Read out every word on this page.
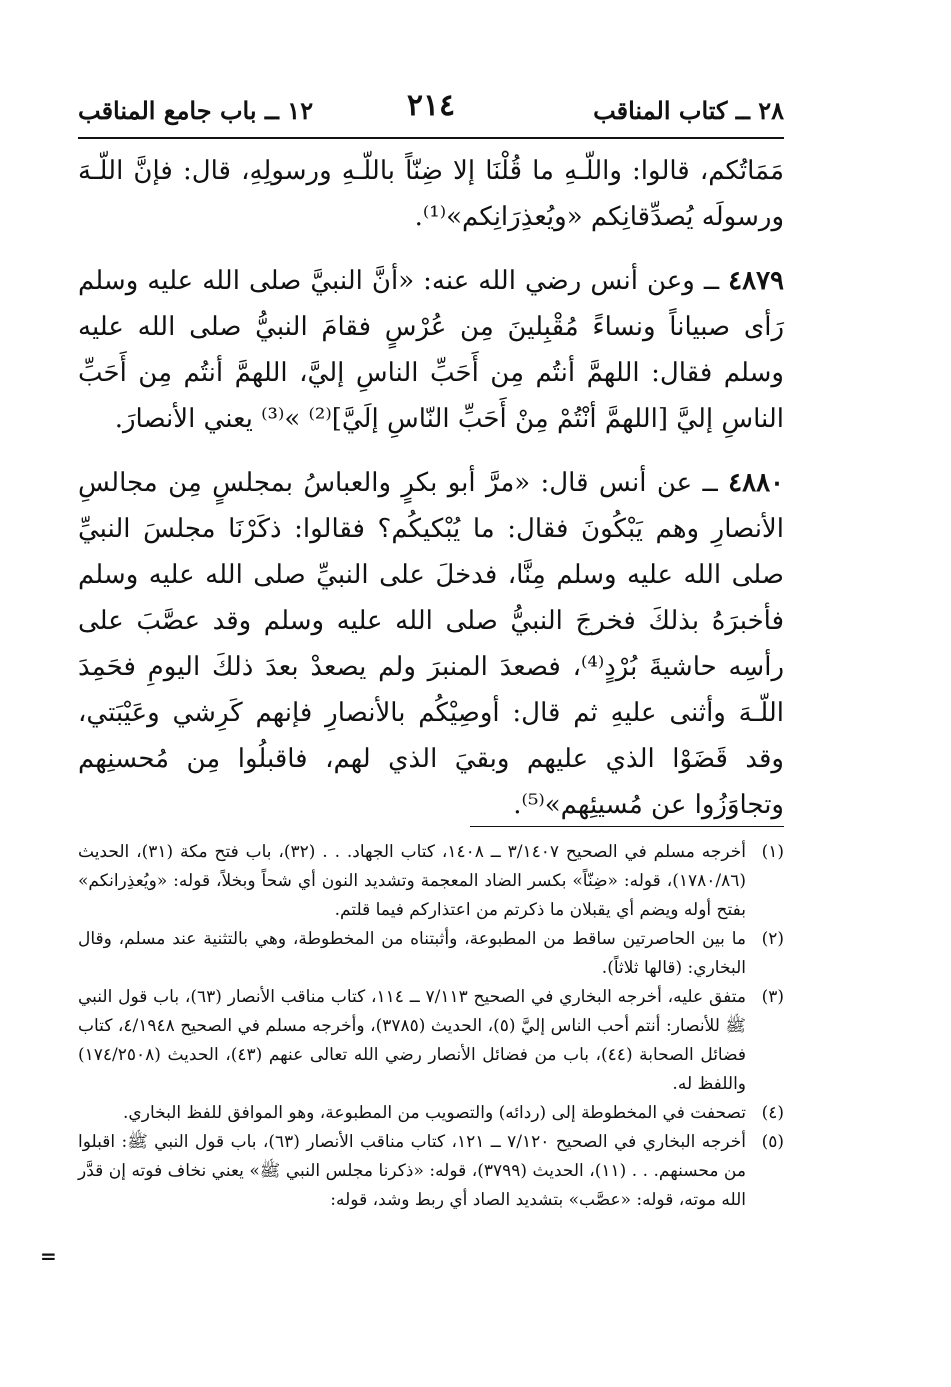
٢٨ ــ كتاب المناقب
٢١٤
١٢ ــ باب جامع المناقب

مَمَاتُكم، قالوا: واللّـهِ ما قُلْنَا إلا ضِنّاً باللّـهِ ورسولِهِ، قال: فإنَّ اللّـهَ ورسولَه يُصدِّقانِكم «ويُعذِرَانِكم»⁽¹⁾.

٤٨٧٩ ــ وعن أنس رضي الله عنه: «أنَّ النبيَّ صلى الله عليه وسلم رَأى صبياناً ونساءً مُقْبِلينَ مِن عُرْسٍ فقامَ النبيُّ صلى الله عليه وسلم فقال: اللهمَّ أنتُم مِن أَحَبِّ الناسِ إليَّ، اللهمَّ أنتُم مِن أَحَبِّ الناسِ إليَّ [اللهمَّ أنْتُمْ مِنْ أَحَبِّ النّاسِ إلَيَّ]⁽²⁾ »⁽³⁾ يعني الأنصارَ.

٤٨٨٠ ــ عن أنس قال: «مرَّ أبو بكرٍ والعباسُ بمجلسٍ مِن مجالسِ الأنصارِ وهم يَبْكُونَ فقال: ما يُبْكيكُم؟ فقالوا: ذكَرْنَا مجلسَ النبيِّ صلى الله عليه وسلم مِنَّا، فدخلَ على النبيِّ صلى الله عليه وسلم فأخبرَهُ بذلكَ فخرجَ النبيُّ صلى الله عليه وسلم وقد عصَّبَ على رأسِه حاشيةَ بُرْدٍ⁽⁴⁾، فصعدَ المنبرَ ولم يصعدْ بعدَ ذلكَ اليومِ فحَمِدَ اللّـهَ وأثنى عليهِ ثم قال: أوصِيْكُم بالأنصارِ فإنهم كَرِشي وعَيْبَتي، وقد قَضَوْا الذي عليهم وبقيَ الذي لهم، فاقبلُوا مِن مُحسنِهم وتجاوَزُوا عن مُسيئِهم»⁽⁵⁾.

(١)
أخرجه مسلم في الصحيح ٣/١٤٠٧ ــ ١٤٠٨، كتاب الجهاد. . . (٣٢)، باب فتح مكة (٣١)، الحديث (١٧٨٠/٨٦)، قوله: «ضِنّاً» بكسر الضاد المعجمة وتشديد النون أي شحاً وبخلاً، قوله: «ويُعذِرانكم» بفتح أوله ويضم أي يقبلان ما ذكرتم من اعتذاركم فيما قلتم.

(٢)
ما بين الحاصرتين ساقط من المطبوعة، وأثبتناه من المخطوطة، وهي بالتثنية عند مسلم، وقال البخاري: (قالها ثلاثاً).

(٣)
متفق عليه، أخرجه البخاري في الصحيح ٧/١١٣ ــ ١١٤، كتاب مناقب الأنصار (٦٣)، باب قول النبي ﷺ للأنصار: أنتم أحب الناس إليَّ (٥)، الحديث (٣٧٨٥)، وأخرجه مسلم في الصحيح ٤/١٩٤٨، كتاب فضائل الصحابة (٤٤)، باب من فضائل الأنصار رضي الله تعالى عنهم (٤٣)، الحديث (١٧٤/٢٥٠٨) واللفظ له.

(٤)
تصحفت في المخطوطة إلى (ردائه) والتصويب من المطبوعة، وهو الموافق للفظ البخاري.

(٥)
أخرجه البخاري في الصحيح ٧/١٢٠ ــ ١٢١، كتاب مناقب الأنصار (٦٣)، باب قول النبي ﷺ: اقبلوا من محسنهم. . . (١١)، الحديث (٣٧٩٩)، قوله: «ذكرنا مجلس النبي ﷺ» يعني نخاف فوته إن قدَّر الله موته، قوله: «عصَّب» بتشديد الصاد أي ربط وشد، قوله:

=
